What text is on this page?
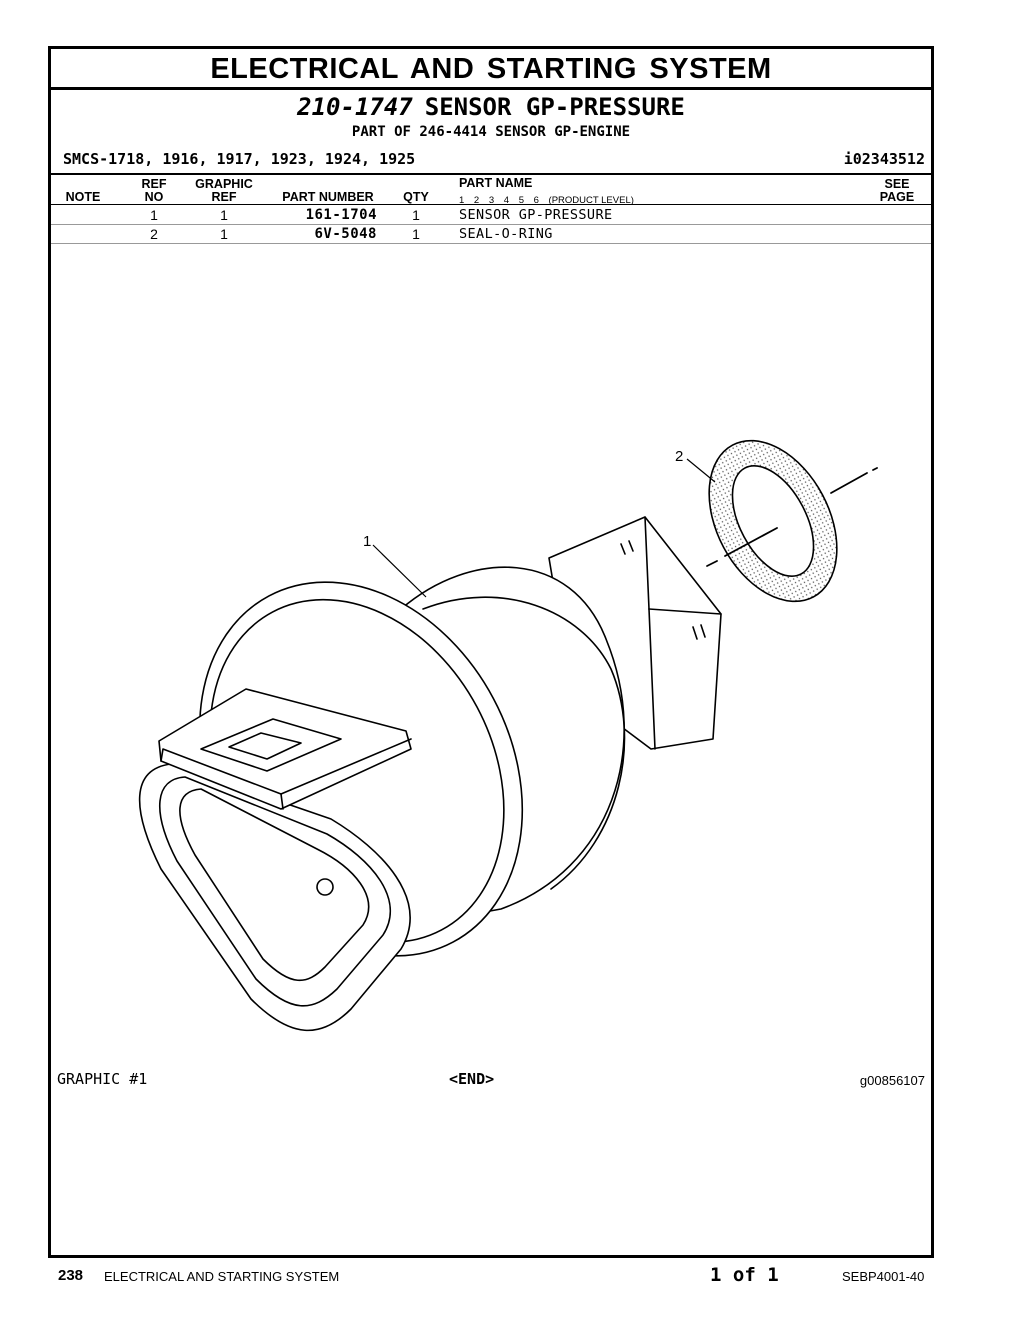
ELECTRICAL AND STARTING SYSTEM
210-1747 SENSOR GP-PRESSURE
PART OF 246-4414 SENSOR GP-ENGINE
SMCS-1718, 1916, 1917, 1923, 1924, 1925	i02343512
NOTE
REF
NO
GRAPHIC
REF	PART NUMBER	QTY
PART NAME
1 2 3 4 5 6 (PRODUCT LEVEL)
SEE
PAGE
1	1	161-1704	1	SENSOR GP-PRESSURE
2	1	6V-5048	1	SEAL-O-RING
1
2
GRAPHIC #1	<END>	g00856107
238 ELECTRICAL AND STARTING SYSTEM	1 of 1	SEBP4001-40
